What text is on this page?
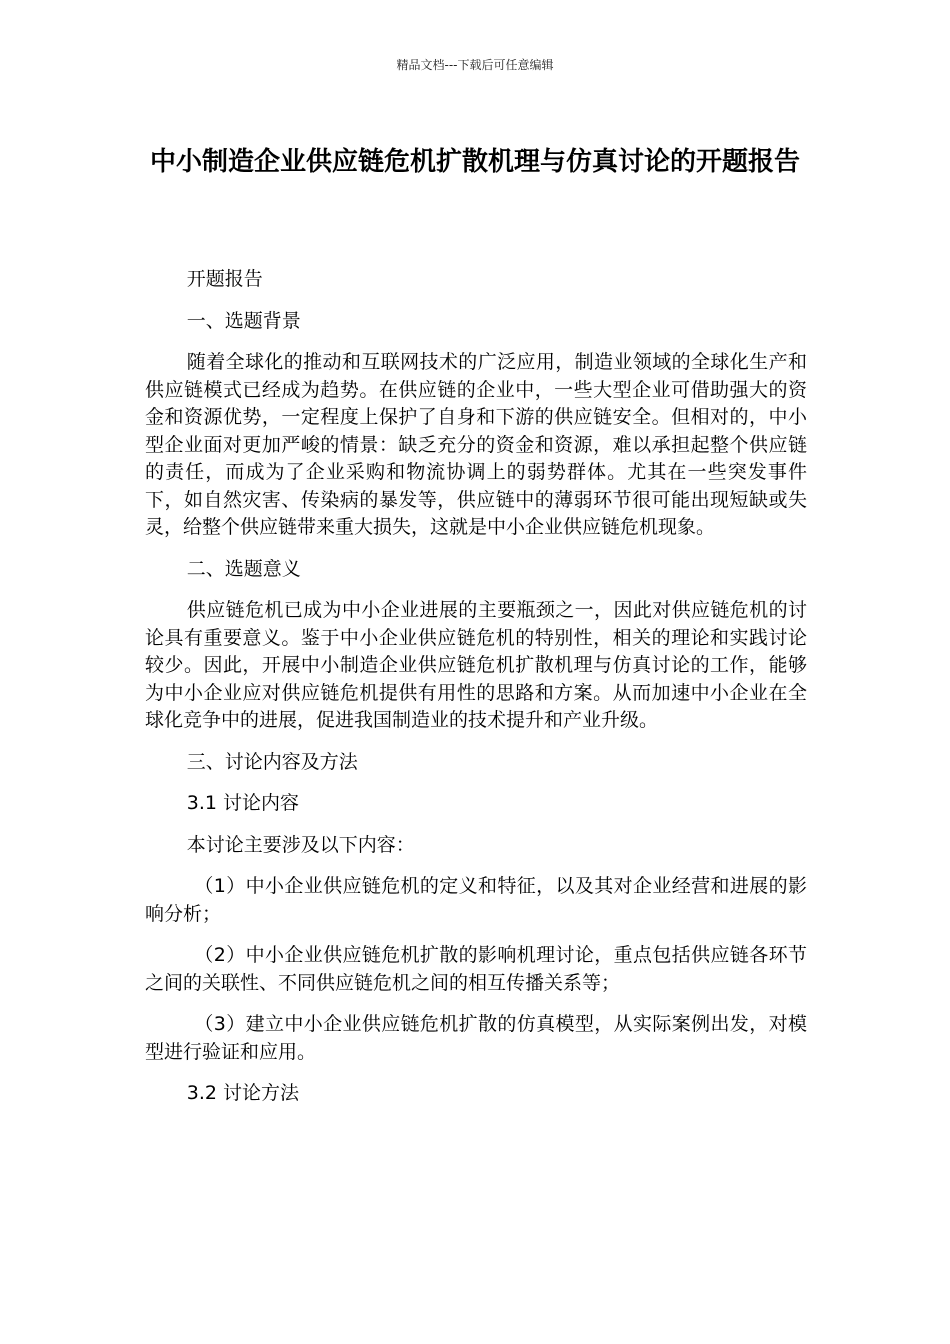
精品文档---下载后可任意编辑
中小制造企业供应链危机扩散机理与仿真讨论的开题报告

开题报告

一、选题背景

随着全球化的推动和互联网技术的广泛应用，制造业领域的全球化生产和供应链模式已经成为趋势。在供应链的企业中，一些大型企业可借助强大的资金和资源优势，一定程度上保护了自身和下游的供应链安全。但相对的，中小型企业面对更加严峻的情景：缺乏充分的资金和资源，难以承担起整个供应链的责任，而成为了企业采购和物流协调上的弱势群体。尤其在一些突发事件下，如自然灾害、传染病的暴发等，供应链中的薄弱环节很可能出现短缺或失灵，给整个供应链带来重大损失，这就是中小企业供应链危机现象。

二、选题意义

供应链危机已成为中小企业进展的主要瓶颈之一，因此对供应链危机的讨论具有重要意义。鉴于中小企业供应链危机的特别性，相关的理论和实践讨论较少。因此，开展中小制造企业供应链危机扩散机理与仿真讨论的工作，能够为中小企业应对供应链危机提供有用性的思路和方案。从而加速中小企业在全球化竞争中的进展，促进我国制造业的技术提升和产业升级。

三、讨论内容及方法

3.1 讨论内容

本讨论主要涉及以下内容：

（1）中小企业供应链危机的定义和特征，以及其对企业经营和进展的影响分析；

（2）中小企业供应链危机扩散的影响机理讨论，重点包括供应链各环节之间的关联性、不同供应链危机之间的相互传播关系等；

（3）建立中小企业供应链危机扩散的仿真模型，从实际案例出发，对模型进行验证和应用。

3.2 讨论方法
